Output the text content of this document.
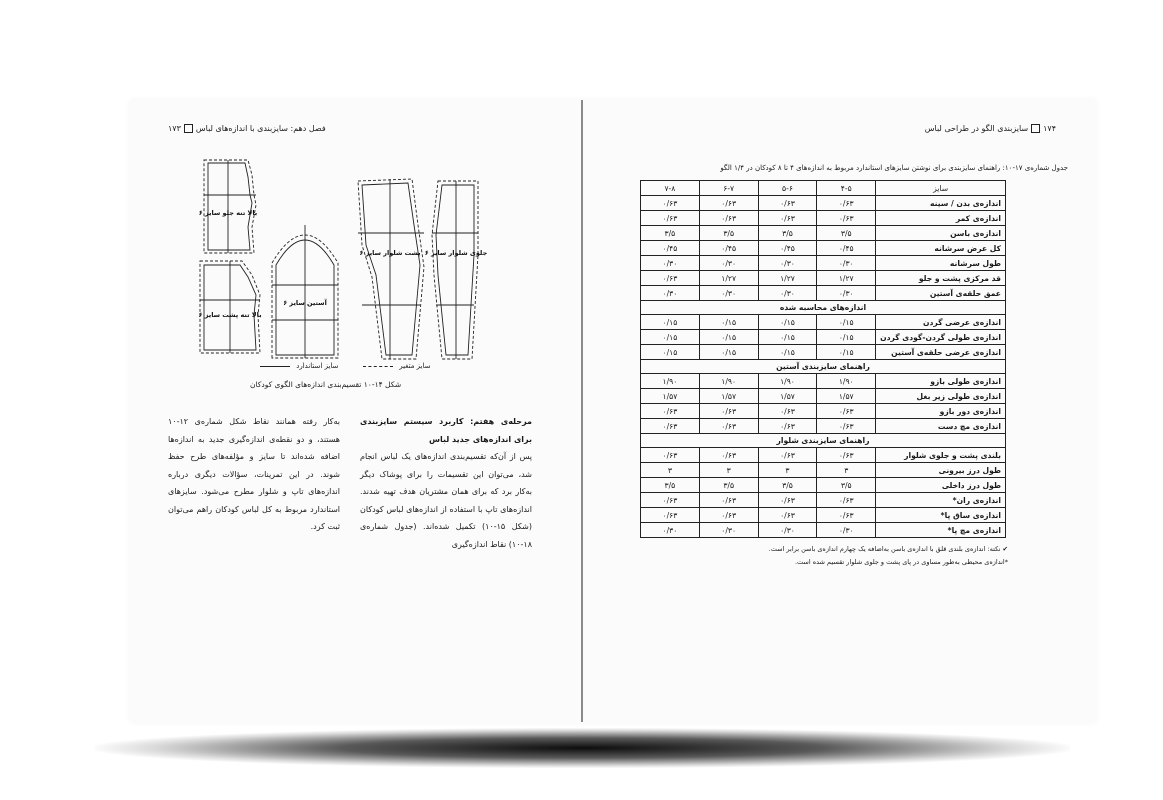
فصل دهم: سایزبندی با اندازه‌های لباس۱۷۳
بالا تنه جلو سایز ۶
بالا تنه پشت سایز ۶
آستین سایز ۶
پشت شلوار سایز ۶ جلوی شلوار سایز ۶
سایز استاندارد	سایز متغیر
شکل ۱۴-۱۰ تقسیم‌بندی اندازه‌های الگوی کودکان

مرحله‌ی هفتم: کاربرد سیستم سایزبندی برای اندازه‌های جدید لباس

پس از آن‌که تقسیم‌بندی اندازه‌های یک لباس انجام شد، می‌توان این تقسیمات را برای پوشاک دیگر به‌کار برد که برای همان مشتریان هدف تهیه شدند. اندازه‌های تاپ با استفاده از اندازه‌های لباس کودکان (شکل ۱۵-۱۰) تکمیل شده‌اند. (جدول شماره‌ی ۱۸-۱۰) نقاط اندازه‌گیری

به‌کار رفته همانند نقاط شکل شماره‌ی ۱۲-۱۰ هستند، و دو نقطه‌ی اندازه‌گیری جدید به اندازه‌ها اضافه شده‌اند تا سایز و مؤلفه‌های طرح حفظ شوند. در این تمرینات، سؤالات دیگری درباره اندازه‌های تاپ و شلوار مطرح می‌شود. سایزهای استاندارد مربوط به کل لباس کودکان راهم می‌توان ثبت کرد.

۱۷۴سایزبندی الگو در طراحی لباس
جدول شماره‌ی ۱۷-۱۰: راهنمای سایزبندی برای نوشتن سایزهای استاندارد مربوط به اندازه‌های ۴ تا ۸ کودکان در ۱/۴ الگو
سایز	۴-۵	۵-۶	۶-۷	۷-۸
اندازه‌ی بدن / سینه	۰/۶۳	۰/۶۳	۰/۶۳	۰/۶۳
اندازه‌ی کمر	۰/۶۳	۰/۶۳	۰/۶۳	۰/۶۳
اندازه‌ی باسن	۳/۵	۳/۵	۳/۵	۳/۵
کل عرض سرشانه	۰/۴۵	۰/۴۵	۰/۴۵	۰/۴۵
طول سرشانه	۰/۳۰	۰/۳۰	۰/۳۰	۰/۳۰
قد مرکزی پشت و جلو	۱/۲۷	۱/۲۷	۱/۲۷	۰/۶۳
عمق حلقه‌ی آستین	۰/۳۰	۰/۳۰	۰/۳۰	۰/۳۰
اندازه‌های محاسبه شده				
اندازه‌ی عرضی گردن	۰/۱۵	۰/۱۵	۰/۱۵	۰/۱۵
اندازه‌ی طولی گردن-گودی گردن	۰/۱۵	۰/۱۵	۰/۱۵	۰/۱۵
اندازه‌ی عرضی حلقه‌ی آستین	۰/۱۵	۰/۱۵	۰/۱۵	۰/۱۵
راهنمای سایزبندی آستین				
اندازه‌ی طولی بازو	۱/۹۰	۱/۹۰	۱/۹۰	۱/۹۰
اندازه‌ی طولی زیر بغل	۱/۵۷	۱/۵۷	۱/۵۷	۱/۵۷
اندازه‌ی دور بازو	۰/۶۳	۰/۶۳	۰/۶۳	۰/۶۳
اندازه‌ی مچ دست	۰/۶۳	۰/۶۳	۰/۶۳	۰/۶۳
راهنمای سایزبندی شلوار				
بلندی پشت و جلوی شلوار	۰/۶۳	۰/۶۳	۰/۶۳	۰/۶۳
طول درز بیرونی	۳	۳	۳	۳
طول درز داخلی	۳/۵	۳/۵	۳/۵	۳/۵
اندازه‌ی ران*	۰/۶۳	۰/۶۳	۰/۶۳	۰/۶۳
اندازه‌ی ساق پا*	۰/۶۳	۰/۶۳	۰/۶۳	۰/۶۳
اندازه‌ی مچ پا*	۰/۳۰	۰/۳۰	۰/۳۰	۰/۳۰
✔ نکته: اندازه‌ی بلندی قلق با اندازه‌ی باسن به‌اضافه یک چهارم اندازه‌ی باسن برابر است.
*اندازه‌ی محیطی به‌طور مساوی در پای پشت و جلوی شلوار تقسیم شده است.
